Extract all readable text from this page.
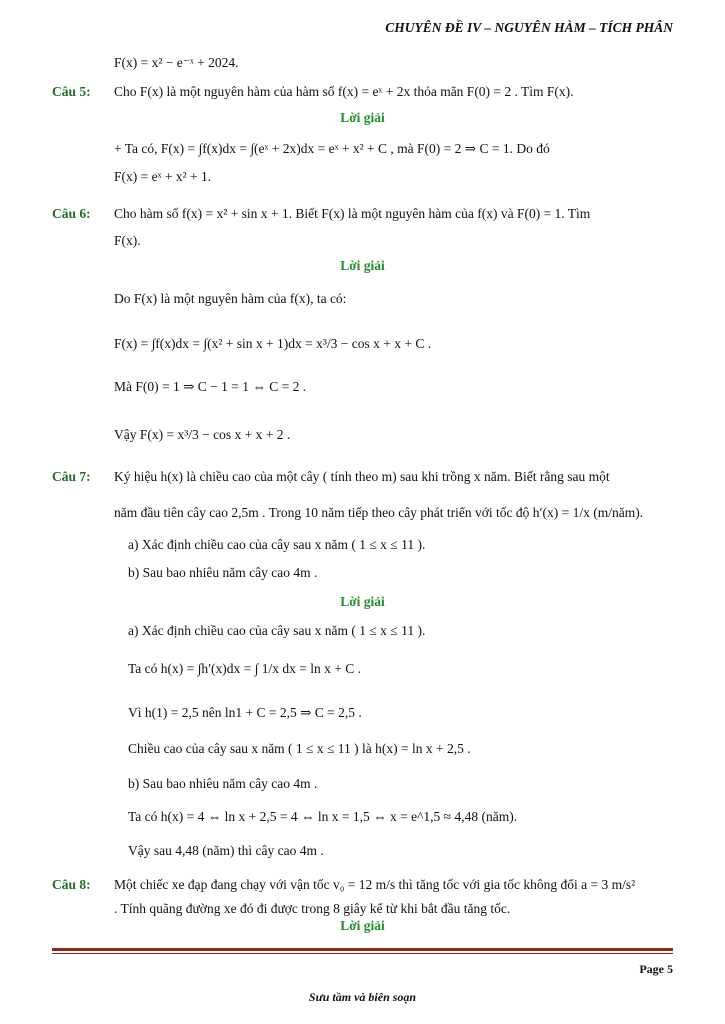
CHUYÊN ĐỀ IV – NGUYÊN HÀM – TÍCH PHÂN
Câu 5:
Câu 6:
Câu 7:
Câu 8:
Lời giải
Lời giải
Lời giải
Lời giải
F(x) = x² − e⁻ˣ + 2024.
Cho F(x) là một nguyên hàm của hàm số f(x) = eˣ + 2x thỏa mãn F(0) = 2 . Tìm F(x).
+ Ta có, F(x) = ∫f(x)dx = ∫(eˣ + 2x)dx = eˣ + x² + C , mà F(0) = 2 ⇒ C = 1. Do đó
F(x) = eˣ + x² + 1.
Cho hàm số f(x) = x² + sin x + 1. Biết F(x) là một nguyên hàm của f(x) và F(0) = 1. Tìm
F(x).
Do F(x) là một nguyên hàm của f(x), ta có:
F(x) = ∫f(x)dx = ∫(x² + sin x + 1)dx = x³/3 − cos x + x + C .
Mà F(0) = 1 ⇒ C − 1 = 1 ⇔ C = 2 .
Vậy F(x) = x³/3 − cos x + x + 2 .
Ký hiệu h(x) là chiều cao của một cây ( tính theo m) sau khi trồng x năm. Biết rằng sau một
năm đầu tiên cây cao 2,5m . Trong 10 năm tiếp theo cây phát triển với tốc độ h′(x) = 1/x (m/năm).
a) Xác định chiều cao của cây sau x năm ( 1 ≤ x ≤ 11 ).
b) Sau bao nhiêu năm cây cao 4m .
a) Xác định chiều cao của cây sau x năm ( 1 ≤ x ≤ 11 ).
Ta có h(x) = ∫h′(x)dx = ∫ 1/x dx = ln x + C .
Vì h(1) = 2,5 nên ln1 + C = 2,5 ⇒ C = 2,5 .
Chiều cao của cây sau x năm ( 1 ≤ x ≤ 11 ) là h(x) = ln x + 2,5 .
b) Sau bao nhiêu năm cây cao 4m .
Ta có h(x) = 4 ⇔ ln x + 2,5 = 4 ⇔ ln x = 1,5 ⇔ x = e^1,5 ≈ 4,48 (năm).
Vậy sau 4,48 (năm) thì cây cao 4m .
Một chiếc xe đạp đang chạy với vận tốc v₀ = 12 m/s thì tăng tốc với gia tốc không đổi a = 3 m/s²
. Tính quãng đường xe đó đi được trong 8 giây kể từ khi bắt đầu tăng tốc.
Page 5
Sưu tầm và biên soạn
